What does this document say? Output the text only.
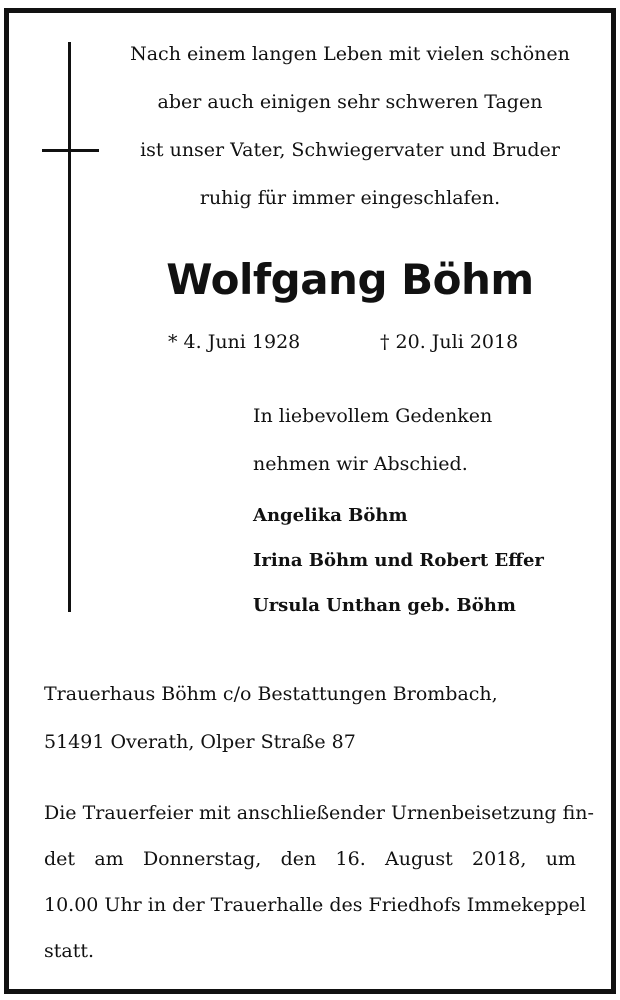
Nach einem langen Leben mit vielen schönen
aber auch einigen sehr schweren Tagen
ist unser Vater, Schwiegervater und Bruder
ruhig für immer eingeschlafen.
Wolfgang Böhm
* 4. Juni 1928	† 20. Juli 2018
In liebevollem Gedenken
nehmen wir Abschied.
Angelika Böhm
Irina Böhm und Robert Effer
Ursula Unthan geb. Böhm
Trauerhaus Böhm c/o Bestattungen Brombach,
51491 Overath, Olper Straße 87
Die Trauerfeier mit anschließender Urnenbeisetzung fin-
det am Donnerstag, den 16. August 2018, um
10.00 Uhr in der Trauerhalle des Friedhofs Immekeppel
statt.
